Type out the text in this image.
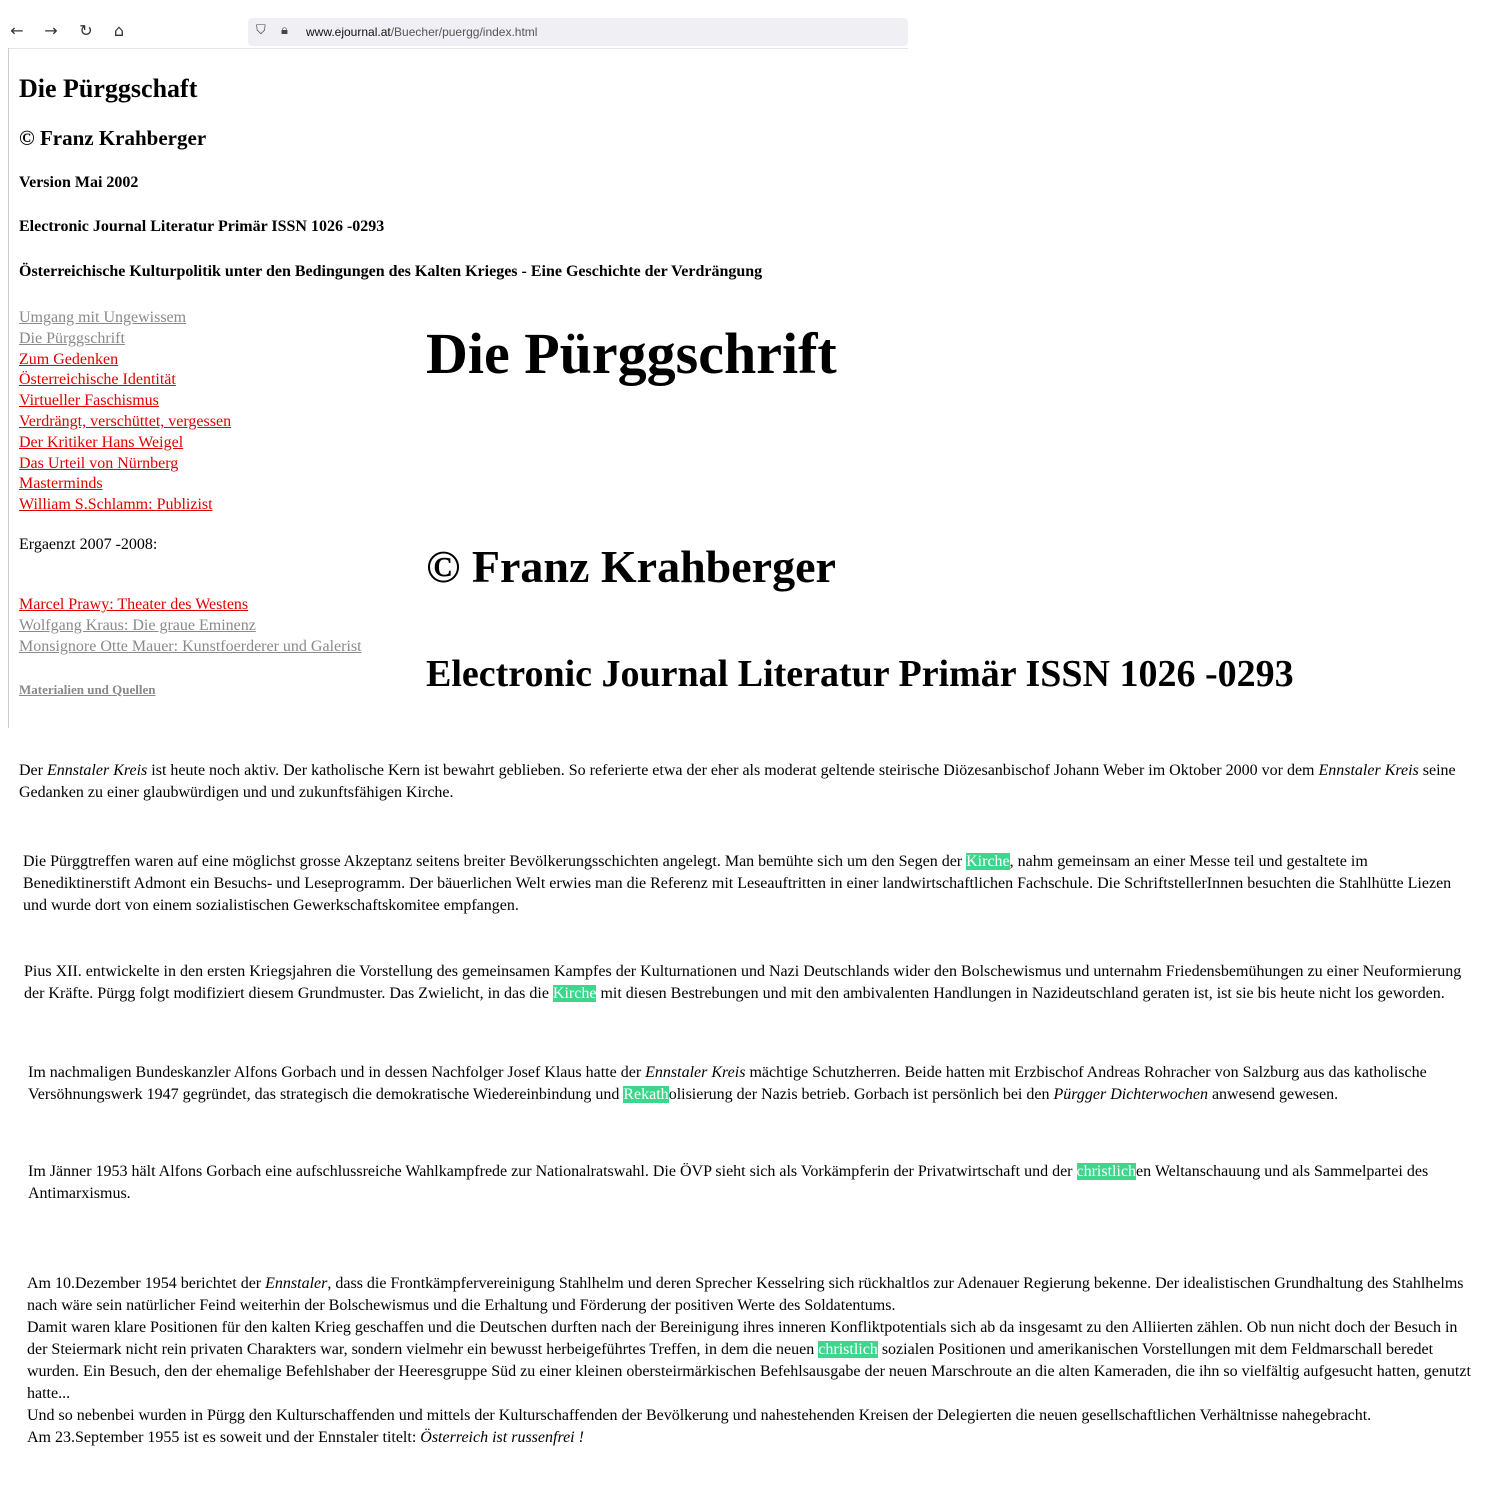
← → ↻ ⌂	⛉ 🔒︎ www.ejournal.at/Buecher/puergg/index.html
Die Pürggschaft
© Franz Krahberger
Version Mai 2002
Electronic Journal Literatur Primär ISSN 1026 -0293
Österreichische Kulturpolitik unter den Bedingungen des Kalten Krieges - Eine Geschichte der Verdrängung
Umgang mit Ungewissem
Die Pürggschrift
Zum Gedenken
Österreichische Identität
Virtueller Faschismus
Verdrängt, verschüttet, vergessen
Der Kritiker Hans Weigel
Das Urteil von Nürnberg
Masterminds
William S.Schlamm: Publizist
Ergaenzt 2007 -2008:
Marcel Prawy: Theater des Westens
Wolfgang Kraus: Die graue Eminenz
Monsignore Otte Mauer: Kunstfoerderer und Galerist
Materialien und Quellen
Die Pürggschrift
© Franz Krahberger
Electronic Journal Literatur Primär ISSN 1026 -0293

Der Ennstaler Kreis ist heute noch aktiv. Der katholische Kern ist bewahrt geblieben. So referierte etwa der eher als moderat geltende steirische Diözesanbischof Johann Weber im Oktober 2000 vor dem Ennstaler Kreis seine Gedanken zu einer glaubwürdigen und und zukunftsfähigen Kirche.

Die Pürggtreffen waren auf eine möglichst grosse Akzeptanz seitens breiter Bevölkerungsschichten angelegt. Man bemühte sich um den Segen der Kirche, nahm gemeinsam an einer Messe teil und gestaltete im Benediktinerstift Admont ein Besuchs- und Leseprogramm. Der bäuerlichen Welt erwies man die Referenz mit Leseauftritten in einer landwirtschaftlichen Fachschule. Die SchriftstellerInnen besuchten die Stahlhütte Liezen und wurde dort von einem sozialistischen Gewerkschaftskomitee empfangen.

Pius XII. entwickelte in den ersten Kriegsjahren die Vorstellung des gemeinsamen Kampfes der Kulturnationen und Nazi Deutschlands wider den Bolschewismus und unternahm Friedensbemühungen zu einer Neuformierung der Kräfte. Pürgg folgt modifiziert diesem Grundmuster. Das Zwielicht, in das die Kirche mit diesen Bestrebungen und mit den ambivalenten Handlungen in Nazideutschland geraten ist, ist sie bis heute nicht los geworden.

Im nachmaligen Bundeskanzler Alfons Gorbach und in dessen Nachfolger Josef Klaus hatte der Ennstaler Kreis mächtige Schutzherren. Beide hatten mit Erzbischof Andreas Rohracher von Salzburg aus das katholische Versöhnungswerk 1947 gegründet, das strategisch die demokratische Wiedereinbindung und Rekatholisierung der Nazis betrieb. Gorbach ist persönlich bei den Pürgger Dichterwochen anwesend gewesen.

Im Jänner 1953 hält Alfons Gorbach eine aufschlussreiche Wahlkampfrede zur Nationalratswahl. Die ÖVP sieht sich als Vorkämpferin der Privatwirtschaft und der christlichen Weltanschauung und als Sammelpartei des Antimarxismus.

Am 10.Dezember 1954 berichtet der Ennstaler, dass die Frontkämpfervereinigung Stahlhelm und deren Sprecher Kesselring sich rückhaltlos zur Adenauer Regierung bekenne. Der idealistischen Grundhaltung des Stahlhelms nach wäre sein natürlicher Feind weiterhin der Bolschewismus und die Erhaltung und Förderung der positiven Werte des Soldatentums.
Damit waren klare Positionen für den kalten Krieg geschaffen und die Deutschen durften nach der Bereinigung ihres inneren Konfliktpotentials sich ab da insgesamt zu den Alliierten zählen. Ob nun nicht doch der Besuch in der Steiermark nicht rein privaten Charakters war, sondern vielmehr ein bewusst herbeigeführtes Treffen, in dem die neuen christlich sozialen Positionen und amerikanischen Vorstellungen mit dem Feldmarschall beredet wurden. Ein Besuch, den der ehemalige Befehlshaber der Heeresgruppe Süd zu einer kleinen obersteirmärkischen Befehlsausgabe der neuen Marschroute an die alten Kameraden, die ihn so vielfältig aufgesucht hatten, genutzt hatte...
Und so nebenbei wurden in Pürgg den Kulturschaffenden und mittels der Kulturschaffenden der Bevölkerung und nahestehenden Kreisen der Delegierten die neuen gesellschaftlichen Verhältnisse nahegebracht.
Am 23.September 1955 ist es soweit und der Ennstaler titelt: Österreich ist russenfrei !
